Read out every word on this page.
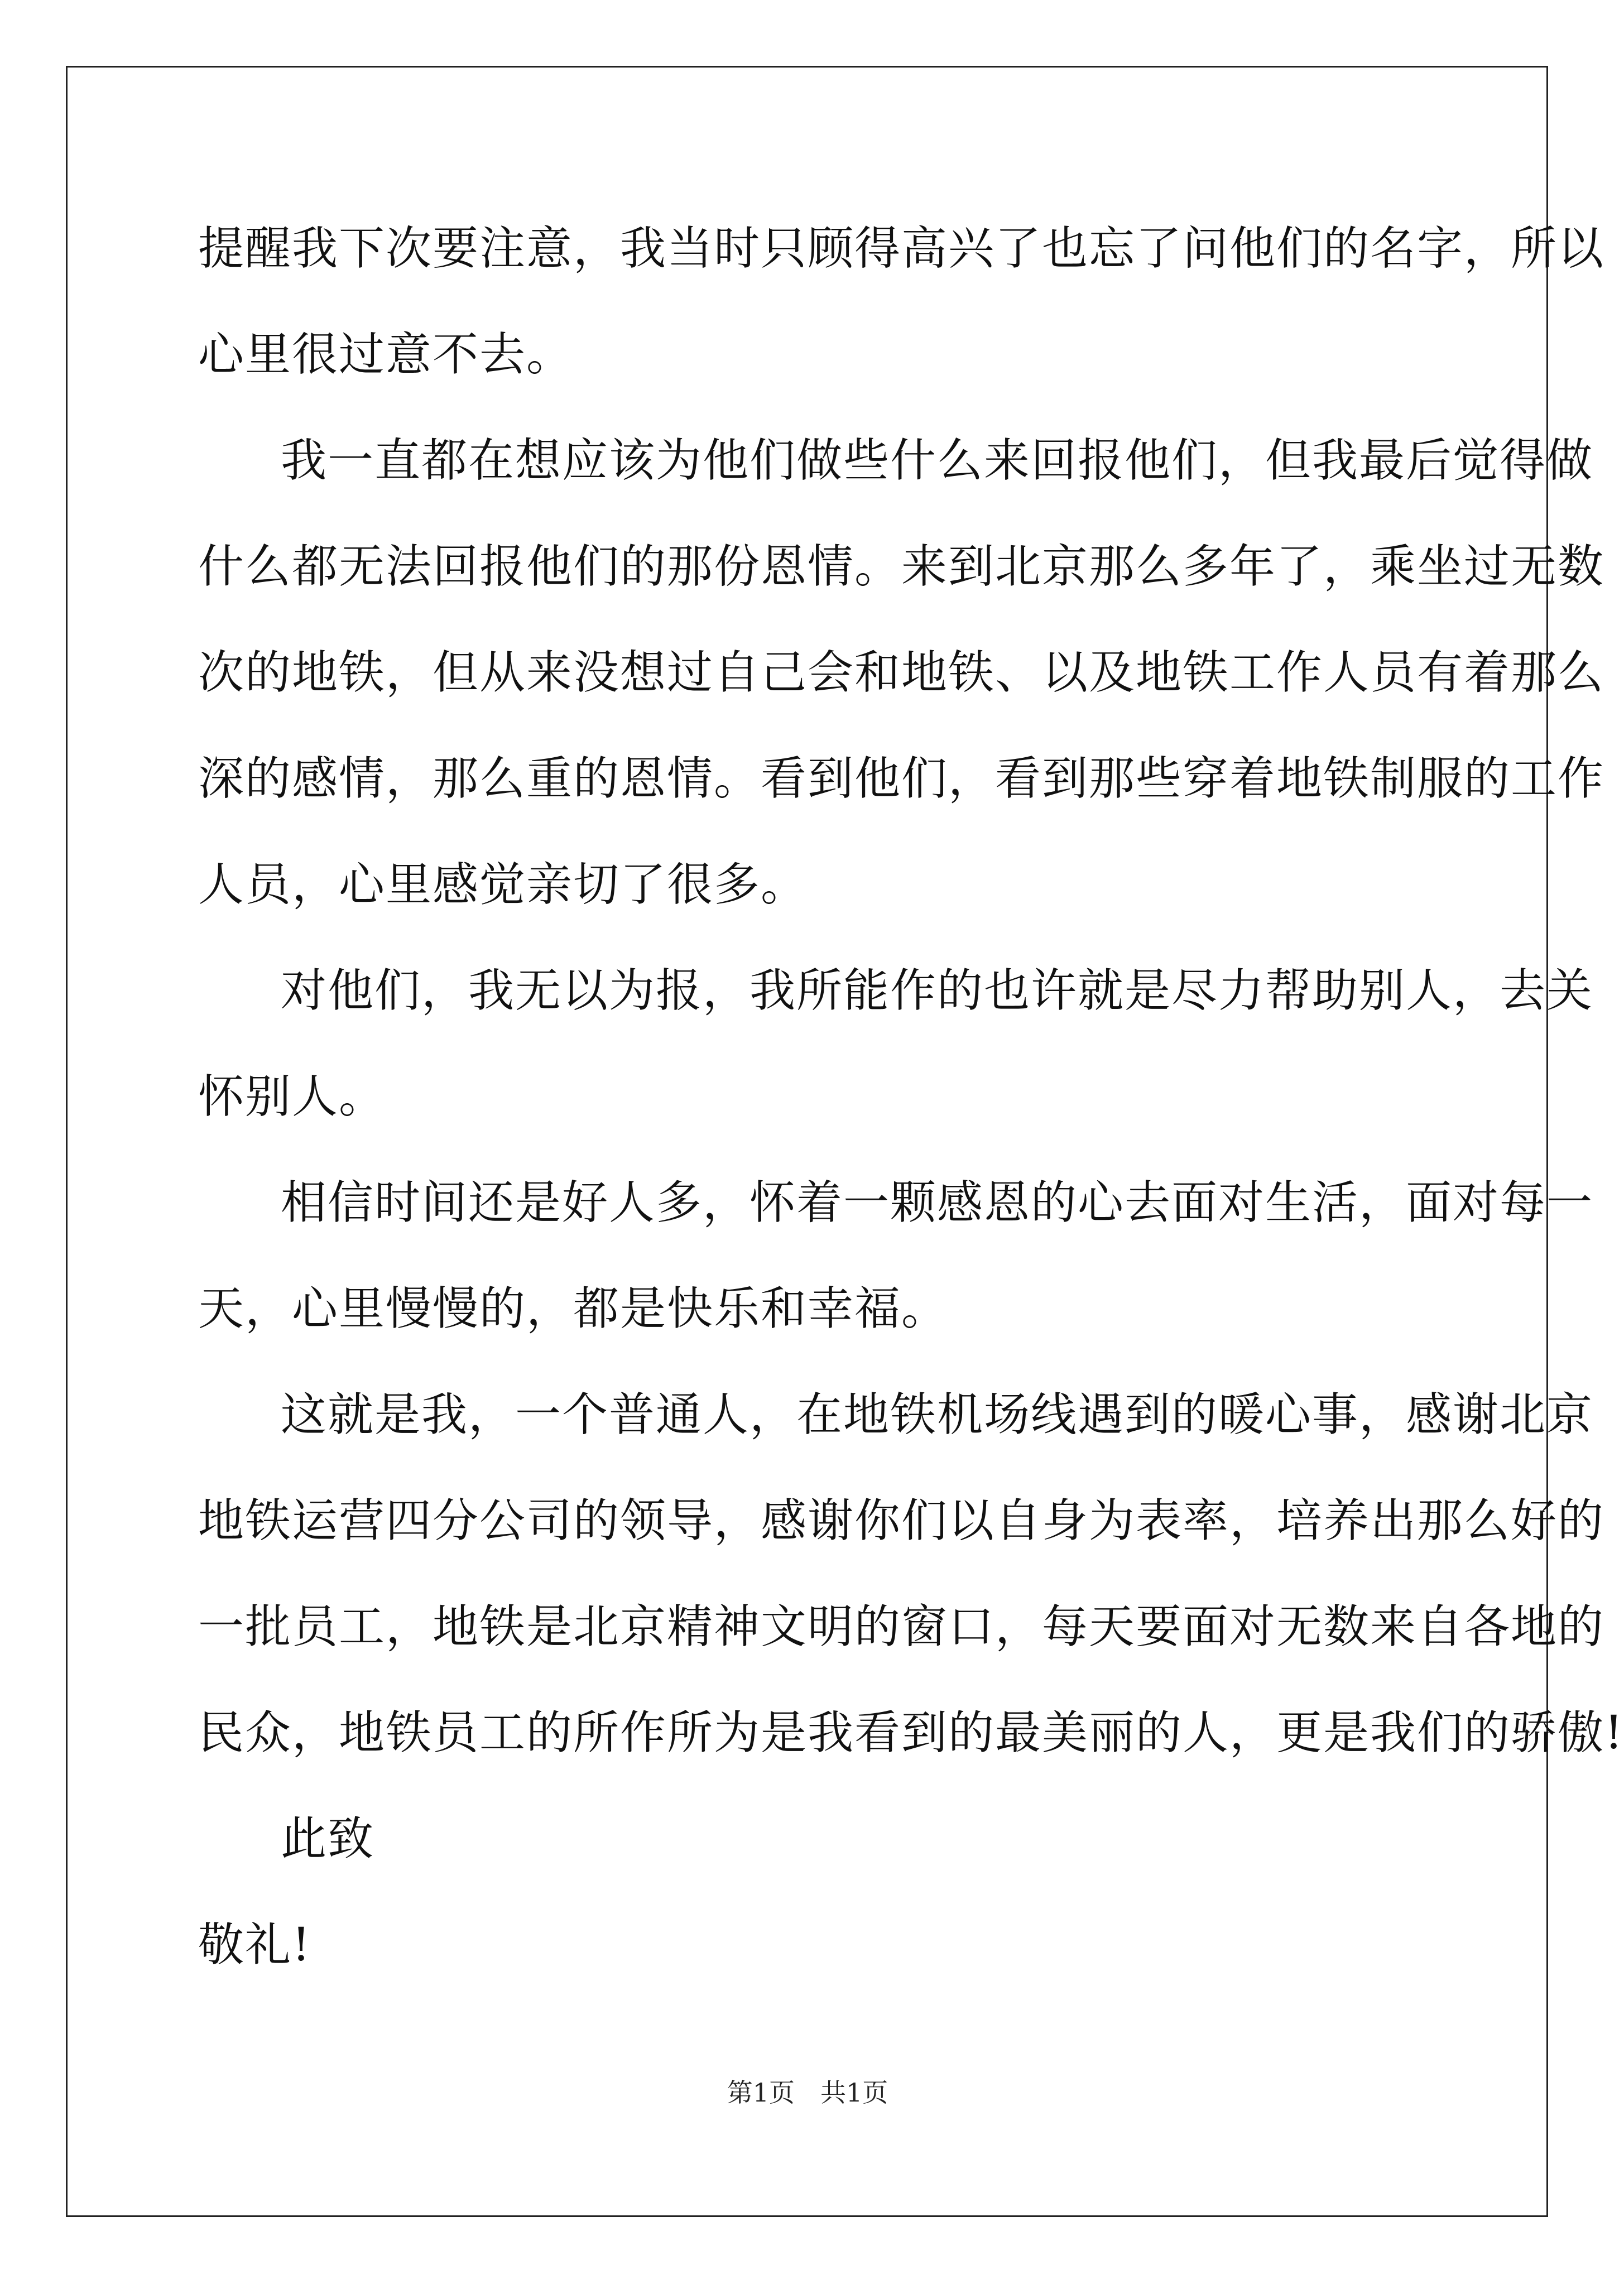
提醒我下次要注意，我当时只顾得高兴了也忘了问他们的名字，所以
心里很过意不去。
我一直都在想应该为他们做些什么来回报他们，但我最后觉得做
什么都无法回报他们的那份恩情。来到北京那么多年了，乘坐过无数
次的地铁，但从来没想过自己会和地铁、以及地铁工作人员有着那么
深的感情，那么重的恩情。看到他们，看到那些穿着地铁制服的工作
人员，心里感觉亲切了很多。
对他们，我无以为报，我所能作的也许就是尽力帮助别人，去关
怀别人。
相信时间还是好人多，怀着一颗感恩的心去面对生活，面对每一
天，心里慢慢的，都是快乐和幸福。
这就是我，一个普通人，在地铁机场线遇到的暖心事，感谢北京
地铁运营四分公司的领导，感谢你们以自身为表率，培养出那么好的
一批员工，地铁是北京精神文明的窗口，每天要面对无数来自各地的
民众，地铁员工的所作所为是我看到的最美丽的人，更是我们的骄傲!
此致
敬礼!
第1页　共1页
